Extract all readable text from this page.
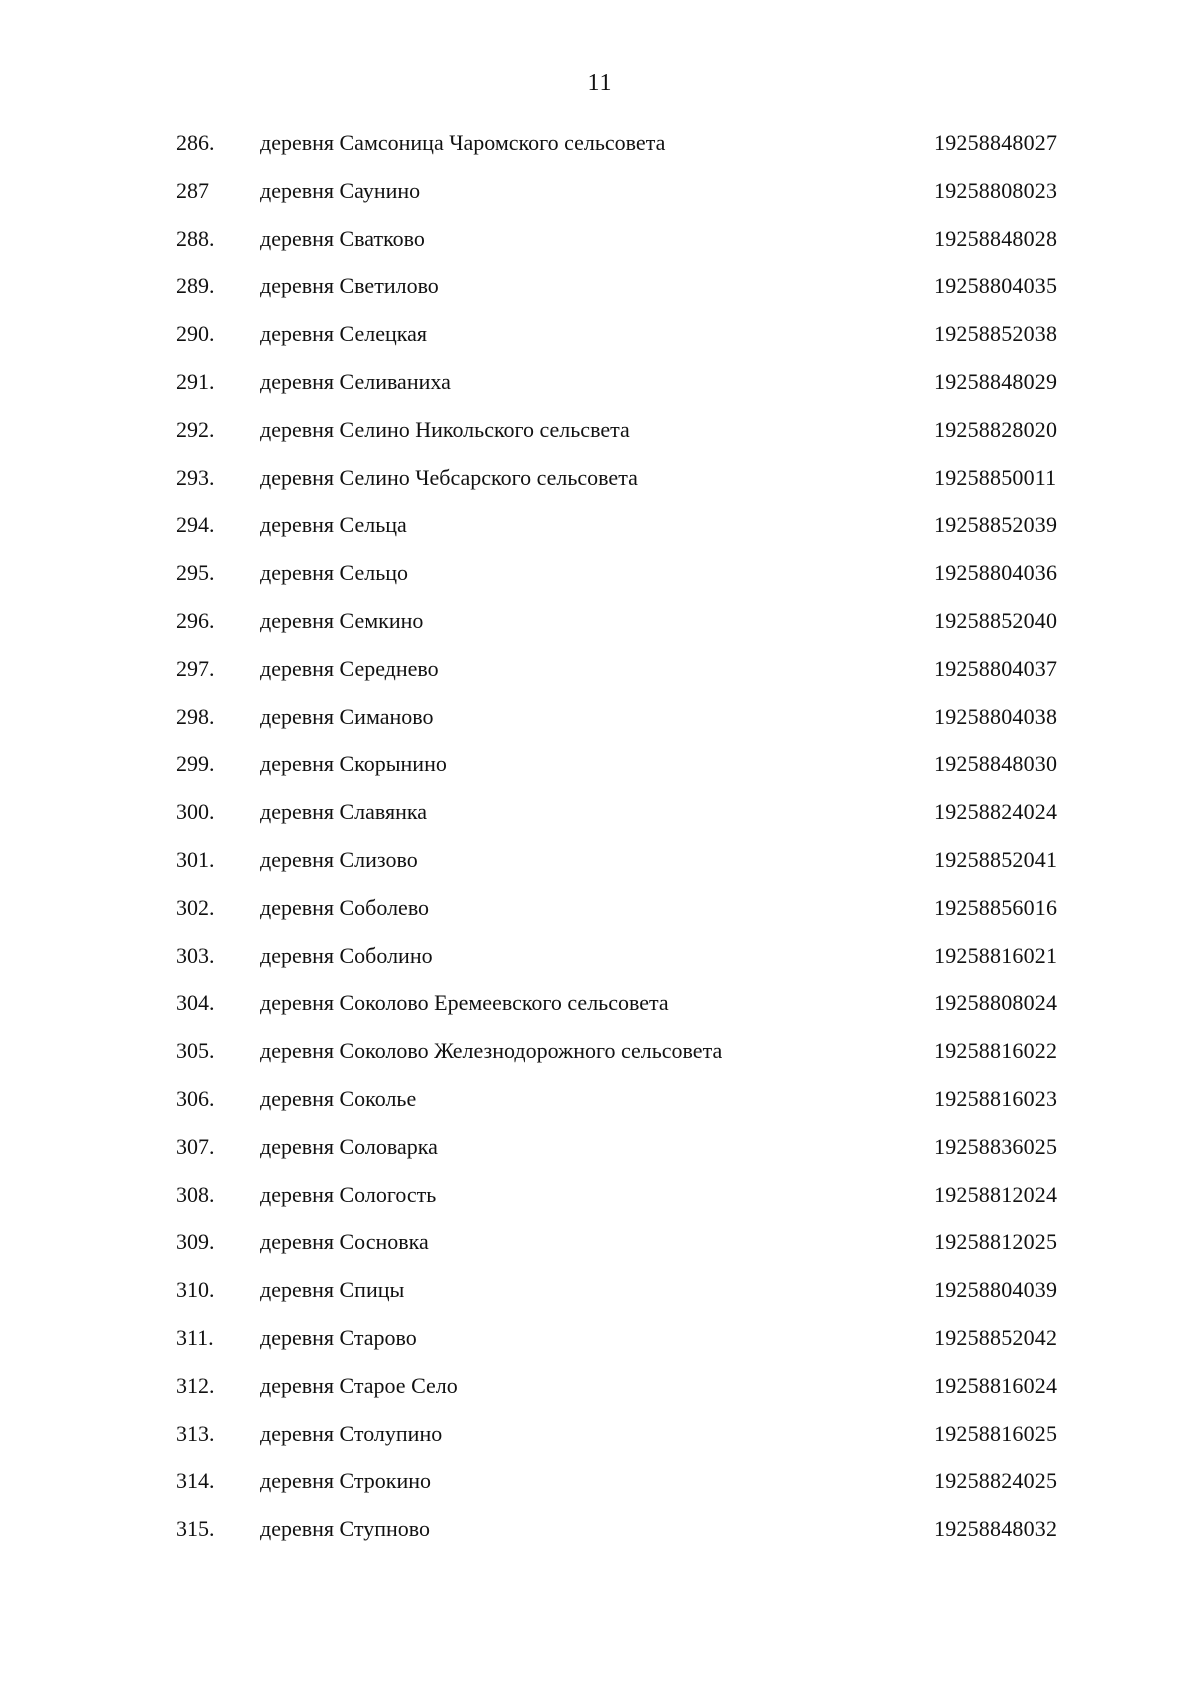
11
286. деревня Самсоница Чаромского сельсовета	19258848027
287 деревня Саунино	19258808023
288. деревня Сватково	19258848028
289. деревня Светилово	19258804035
290. деревня Селецкая	19258852038
291. деревня Селиваниха	19258848029
292. деревня Селино Никольского сельсвета	19258828020
293. деревня Селино Чебсарского сельсовета	19258850011
294. деревня Сельца	19258852039
295. деревня Сельцо	19258804036
296. деревня Семкино	19258852040
297. деревня Середнево	19258804037
298. деревня Симаново	19258804038
299. деревня Скорынино	19258848030
300. деревня Славянка	19258824024
301. деревня Слизово	19258852041
302. деревня Соболево	19258856016
303. деревня Соболино	19258816021
304. деревня Соколово Еремеевского сельсовета	19258808024
305. деревня Соколово Железнодорожного сельсовета	19258816022
306. деревня Соколье	19258816023
307. деревня Соловарка	19258836025
308. деревня Сологость	19258812024
309. деревня Сосновка	19258812025
310. деревня Спицы	19258804039
311. деревня Старово	19258852042
312. деревня Старое Село	19258816024
313. деревня Столупино	19258816025
314. деревня Строкино	19258824025
315. деревня Ступново	19258848032
